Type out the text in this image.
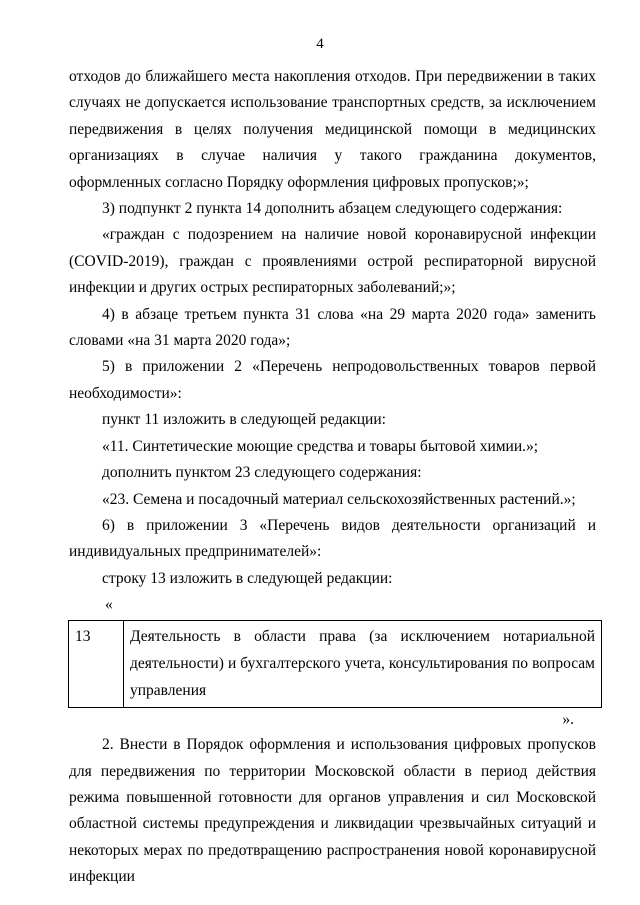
4

отходов до ближайшего места накопления отходов. При передвижении в таких случаях не допускается использование транспортных средств, за исключением передвижения в целях получения медицинской помощи в медицинских организациях в случае наличия у такого гражданина документов, оформленных согласно Порядку оформления цифровых пропусков;»;

3) подпункт 2 пункта 14 дополнить абзацем следующего содержания:

«граждан с подозрением на наличие новой коронавирусной инфекции (COVID-2019), граждан с проявлениями острой респираторной вирусной инфекции и других острых респираторных заболеваний;»;

4) в абзаце третьем пункта 31 слова «на 29 марта 2020 года» заменить словами «на 31 марта 2020 года»;

5) в приложении 2 «Перечень непродовольственных товаров первой необходимости»:

пункт 11 изложить в следующей редакции:

«11. Синтетические моющие средства и товары бытовой химии.»;

дополнить пунктом 23 следующего содержания:

«23. Семена и посадочный материал сельскохозяйственных растений.»;

6) в приложении 3 «Перечень видов деятельности организаций и индивидуальных предпринимателей»:

строку 13 изложить в следующей редакции:

«
13	Деятельность в области права (за исключением нотариальной деятельности) и бухгалтерского учета, консультирования по вопросам управления
».

2. Внести в Порядок оформления и использования цифровых пропусков для передвижения по территории Московской области в период действия режима повышенной готовности для органов управления и сил Московской областной системы предупреждения и ликвидации чрезвычайных ситуаций и некоторых мерах по предотвращению распространения новой коронавирусной инфекции
